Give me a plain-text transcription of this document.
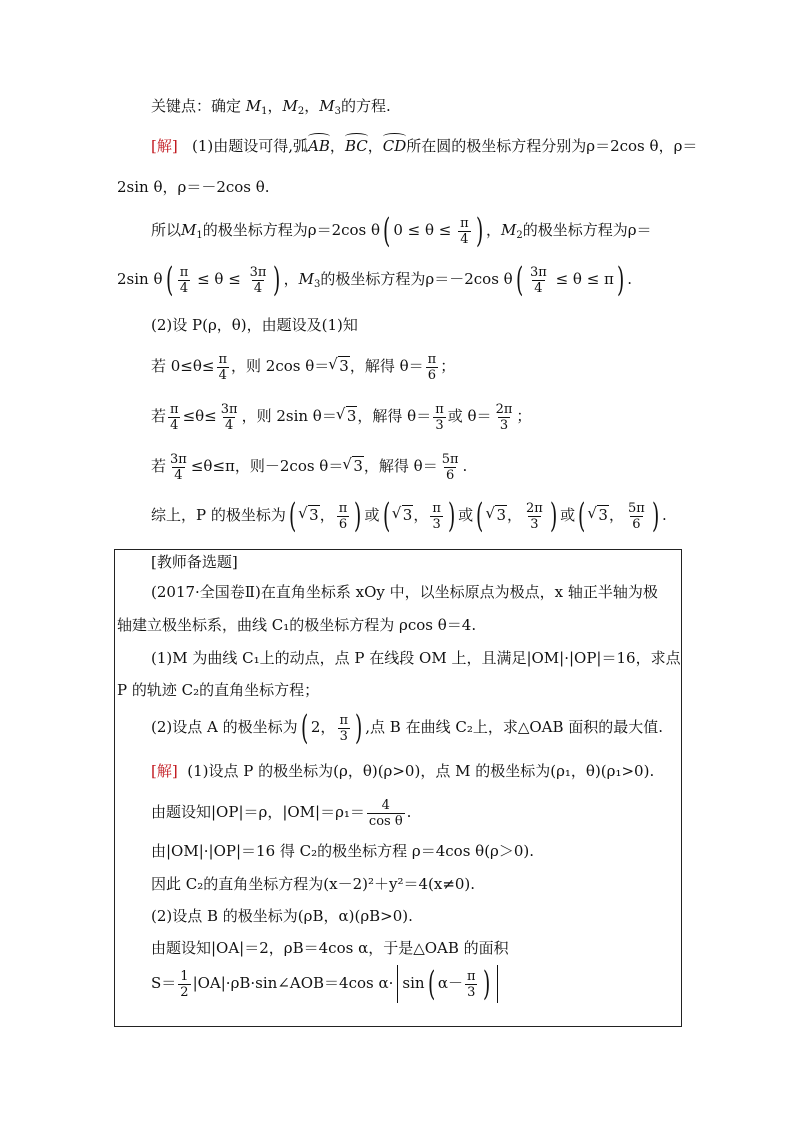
关键点：确定 $M_1$，$M_2$，$M_3$的方程.
[解] (1)由题设可得,弧AB，BC，CD所在圆的极坐标方程分别为ρ＝2cos θ，ρ＝
2sin θ，ρ＝－2cos θ.
所以$M_1$的极坐标方程为ρ＝2cos θ( $0 \le \theta \le \frac{\pi}{4}$ ) ，$M_2$的极坐标方程为ρ＝
2sin $\theta( \frac{\pi}{4} \le \theta \le \frac{3\pi}{4}$ ) ，$M_3$的极坐标方程为ρ＝－2cos $\theta( \frac{3\pi}{4} \le \theta \le \pi)$ .
(2)设 P(ρ，θ)，由题设及(1)知
若 $0\le\theta\le \frac{\pi}{4}$ ，则 2cos θ＝ √ 3，解得 $\theta= \frac{\pi}{6}$ ；
若 $\frac{\pi}{4} \le\theta\le \frac{3\pi}{4}$ ，则 2sin θ＝ √ 3，解得 $\theta= \frac{\pi}{3}$ 或 $\theta= \frac{2\pi}{3}$ ；
若 $\frac{3\pi}{4} \le\theta\le\pi$，则－2cos θ＝ √ 3，解得 $\theta= \frac{5\pi}{6}$ .
综上，P 的极坐标为( √ 3， $\frac{\pi}{6}$ ) 或( √ 3， $\frac{\pi}{3}$ ) 或( √ 3， $\frac{2\pi}{3}$ ) 或( √ 3， $\frac{5\pi}{6}$ ) .
[教师备选题]
(2017·全国卷Ⅱ)在直角坐标系 xOy 中，以坐标原点为极点，x 轴正半轴为极
轴建立极坐标系，曲线 C₁的极坐标方程为 ρcos θ＝4.
(1)M 为曲线 C₁上的动点，点 P 在线段 OM 上，且满足|OM|·|OP|＝16，求点
P 的轨迹 C₂的直角坐标方程；
(2)设点 A 的极坐标为( 2， $\frac{\pi}{3}$ ) ,点 B 在曲线 C₂上，求△OAB 面积的最大值.
[解] (1)设点 P 的极坐标为(ρ，θ)(ρ>0)，点 M 的极坐标为(ρ₁，θ)(ρ₁>0).
由题设知|OP|＝ρ，$|OM|=\rho_1= \frac{4}{\text{cos θ}}$ .
由|OM|·|OP|＝16 得 C₂的极坐标方程 ρ＝4cos θ(ρ＞0).
因此 C₂的直角坐标方程为(x－2)²＋y²＝4(x≠0).
(2)设点 B 的极坐标为(ρB，α)(ρB>0).
由题设知|OA|＝2，ρB＝4cos α，于是△OAB 的面积
$S= \frac{1}{2}$ |OA|·ρB·sin∠AOB＝4cos α· sin( $\alpha- \frac{\pi}{3}$ )
